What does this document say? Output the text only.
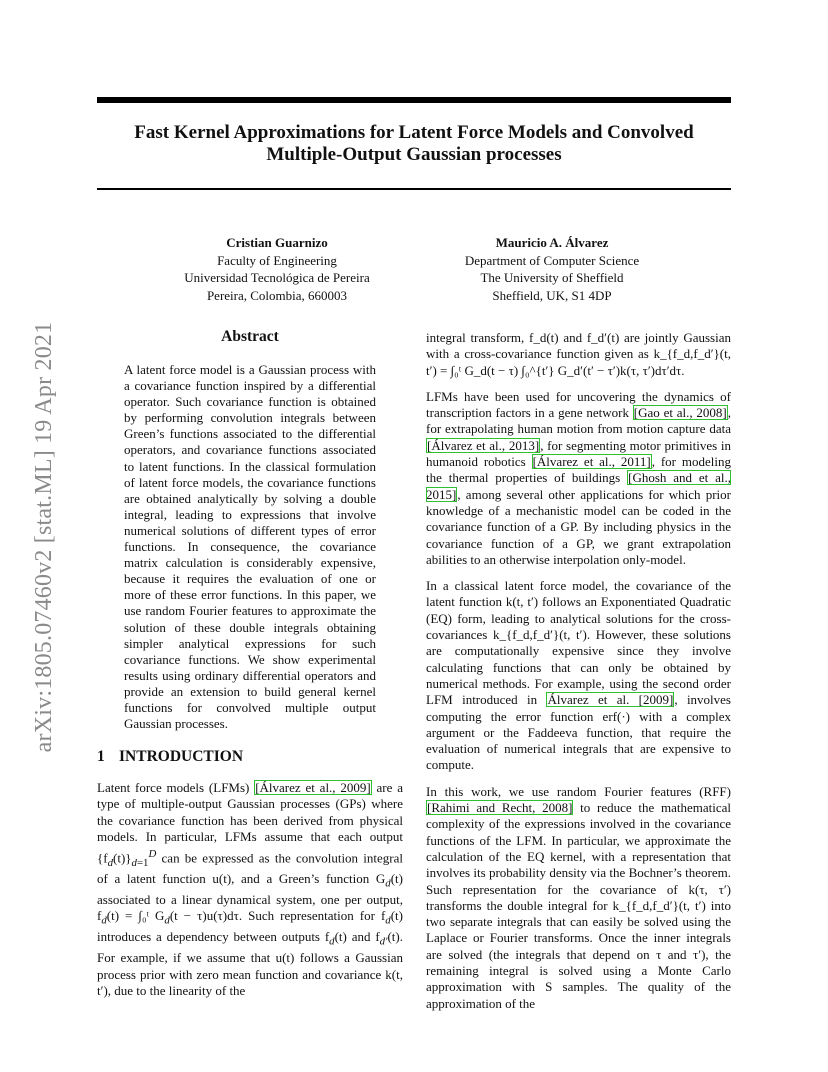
Fast Kernel Approximations for Latent Force Models and Convolved Multiple-Output Gaussian processes
Cristian Guarnizo
Faculty of Engineering
Universidad Tecnológica de Pereira
Pereira, Colombia, 660003
Mauricio A. Álvarez
Department of Computer Science
The University of Sheffield
Sheffield, UK, S1 4DP
arXiv:1805.07460v2 [stat.ML] 19 Apr 2021	Abstract
A latent force model is a Gaussian process with a covariance function inspired by a differential operator. Such covariance function is obtained by performing convolution integrals between Green’s functions associated to the differential operators, and covariance functions associated to latent functions. In the classical formulation of latent force models, the covariance functions are obtained analytically by solving a double integral, leading to expressions that involve numerical solutions of different types of error functions. In consequence, the covariance matrix calculation is considerably expensive, because it requires the evaluation of one or more of these error functions. In this paper, we use random Fourier features to approximate the solution of these double integrals obtaining simpler analytical expressions for such covariance functions. We show experimental results using ordinary differential operators and provide an extension to build general kernel functions for convolved multiple output Gaussian processes.
1 INTRODUCTION
Latent force models (LFMs) [Álvarez et al., 2009] are a type of multiple-output Gaussian processes (GPs) where the covariance function has been derived from physical models. In particular, LFMs assume that each output $\{f_d(t)\}_{d=1}^D$ can be expressed as the convolution integral of a latent function u(t), and a Green’s function $G_d(t)$ associated to a linear dynamical system, one per output, $f_d(t)$ = ∫₀ᵗ $G_d(t - \tau)u(\tau)d\tau$. Such representation for $f_d(t)$ introduces a dependency between outputs $f_d(t)$ and $f_{d'}(t)$. For example, if we assume that u(t) follows a Gaussian process prior with zero mean function and covariance k(t, t′), due to the linearity of the

integral transform, f_d(t) and f_d′(t) are jointly Gaussian with a cross-covariance function given as k_{f_d,f_d′}(t, t′) = ∫₀ᵗ G_d(t − τ) ∫₀^{t′} G_d′(t′ − τ′)k(τ, τ′)dτ′dτ.

LFMs have been used for uncovering the dynamics of transcription factors in a gene network [Gao et al., 2008], for extrapolating human motion from motion capture data [Álvarez et al., 2013], for segmenting motor primitives in humanoid robotics [Álvarez et al., 2011], for modeling the thermal properties of buildings [Ghosh and et al., 2015], among several other applications for which prior knowledge of a mechanistic model can be coded in the covariance function of a GP. By including physics in the covariance function of a GP, we grant extrapolation abilities to an otherwise interpolation only-model.

In a classical latent force model, the covariance of the latent function k(t, t′) follows an Exponentiated Quadratic (EQ) form, leading to analytical solutions for the cross-covariances k_{f_d,f_d′}(t, t′). However, these solutions are computationally expensive since they involve calculating functions that can only be obtained by numerical methods. For example, using the second order LFM introduced in Álvarez et al. [2009], involves computing the error function erf(·) with a complex argument or the Faddeeva function, that require the evaluation of numerical integrals that are expensive to compute.

In this work, we use random Fourier features (RFF) [Rahimi and Recht, 2008] to reduce the mathematical complexity of the expressions involved in the covariance functions of the LFM. In particular, we approximate the calculation of the EQ kernel, with a representation that involves its probability density via the Bochner’s theorem. Such representation for the covariance of k(τ, τ′) transforms the double integral for k_{f_d,f_d′}(t, t′) into two separate integrals that can easily be solved using the Laplace or Fourier transforms. Once the inner integrals are solved (the integrals that depend on τ and τ′), the remaining integral is solved using a Monte Carlo approximation with S samples. The quality of the approximation of the
